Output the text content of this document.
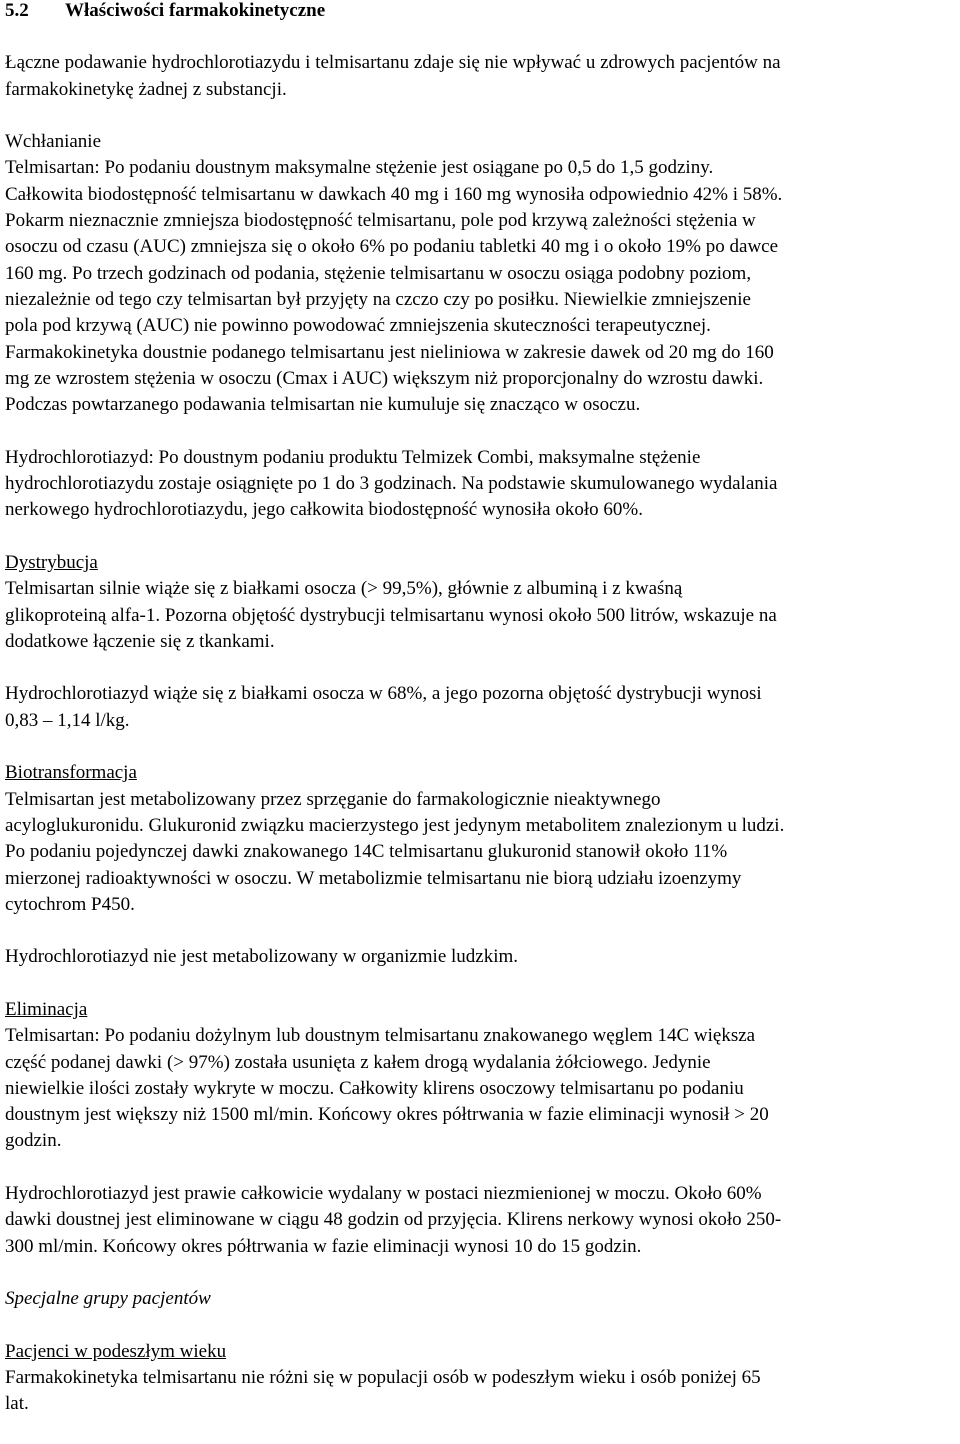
5.2 Właściwości farmakokinetyczne

Łączne podawanie hydrochlorotiazydu i telmisartanu zdaje się nie wpływać u zdrowych pacjentów na
farmakokinetykę żadnej z substancji.

Wchłanianie

Telmisartan: Po podaniu doustnym maksymalne stężenie jest osiągane po 0,5 do 1,5 godziny.
Całkowita biodostępność telmisartanu w dawkach 40 mg i 160 mg wynosiła odpowiednio 42% i 58%.
Pokarm nieznacznie zmniejsza biodostępność telmisartanu, pole pod krzywą zależności stężenia w
osoczu od czasu (AUC) zmniejsza się o około 6% po podaniu tabletki 40 mg i o około 19% po dawce
160 mg. Po trzech godzinach od podania, stężenie telmisartanu w osoczu osiąga podobny poziom,
niezależnie od tego czy telmisartan był przyjęty na czczo czy po posiłku. Niewielkie zmniejszenie
pola pod krzywą (AUC) nie powinno powodować zmniejszenia skuteczności terapeutycznej.
Farmakokinetyka doustnie podanego telmisartanu jest nieliniowa w zakresie dawek od 20 mg do 160
mg ze wzrostem stężenia w osoczu (Cmax i AUC) większym niż proporcjonalny do wzrostu dawki.
Podczas powtarzanego podawania telmisartan nie kumuluje się znacząco w osoczu.

Hydrochlorotiazyd: Po doustnym podaniu produktu Telmizek Combi, maksymalne stężenie
hydrochlorotiazydu zostaje osiągnięte po 1 do 3 godzinach. Na podstawie skumulowanego wydalania
nerkowego hydrochlorotiazydu, jego całkowita biodostępność wynosiła około 60%.

Dystrybucja

Telmisartan silnie wiąże się z białkami osocza (> 99,5%), głównie z albuminą i z kwaśną
glikoproteiną alfa-1. Pozorna objętość dystrybucji telmisartanu wynosi około 500 litrów, wskazuje na
dodatkowe łączenie się z tkankami.

Hydrochlorotiazyd wiąże się z białkami osocza w 68%, a jego pozorna objętość dystrybucji wynosi
0,83 – 1,14 l/kg.

Biotransformacja

Telmisartan jest metabolizowany przez sprzęganie do farmakologicznie nieaktywnego
acyloglukuronidu. Glukuronid związku macierzystego jest jedynym metabolitem znalezionym u ludzi.
Po podaniu pojedynczej dawki znakowanego 14C telmisartanu glukuronid stanowił około 11%
mierzonej radioaktywności w osoczu. W metabolizmie telmisartanu nie biorą udziału izoenzymy
cytochrom P450.

Hydrochlorotiazyd nie jest metabolizowany w organizmie ludzkim.

Eliminacja

Telmisartan: Po podaniu dożylnym lub doustnym telmisartanu znakowanego węglem 14C większa
część podanej dawki (> 97%) została usunięta z kałem drogą wydalania żółciowego. Jedynie
niewielkie ilości zostały wykryte w moczu. Całkowity klirens osoczowy telmisartanu po podaniu
doustnym jest większy niż 1500 ml/min. Końcowy okres półtrwania w fazie eliminacji wynosił > 20
godzin.

Hydrochlorotiazyd jest prawie całkowicie wydalany w postaci niezmienionej w moczu. Około 60%
dawki doustnej jest eliminowane w ciągu 48 godzin od przyjęcia. Klirens nerkowy wynosi około 250-
300 ml/min. Końcowy okres półtrwania w fazie eliminacji wynosi 10 do 15 godzin.

Specjalne grupy pacjentów

Pacjenci w podeszłym wieku

Farmakokinetyka telmisartanu nie różni się w populacji osób w podeszłym wieku i osób poniżej 65
lat.
